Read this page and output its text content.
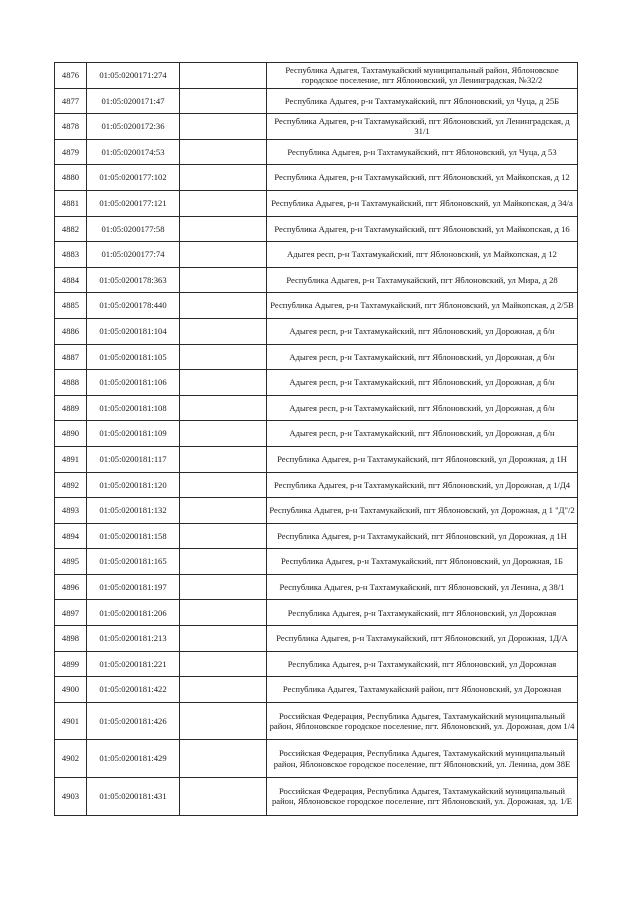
4876	01:05:0200171:274		Республика Адыгея, Тахтамукайский муниципальный район, Яблоновское городское поселение, пгт Яблоновский, ул Ленинградская, №32/2
4877	01:05:0200171:47		Республика Адыгея, р-н Тахтамукайский, пгт Яблоновский, ул Чуца, д 25Б
4878	01:05:0200172:36		Республика Адыгея, р-н Тахтамукайский, пгт Яблоновский, ул Ленинградская, д 31/1
4879	01:05:0200174:53		Республика Адыгея, р-н Тахтамукайский, пгт Яблоновский, ул Чуца, д 53
4880	01:05:0200177:102		Республика Адыгея, р-н Тахтамукайский, пгт Яблоновский, ул Майкопская, д 12
4881	01:05:0200177:121		Республика Адыгея, р-н Тахтамукайский, пгт Яблоновский, ул Майкопская, д 34/а
4882	01:05:0200177:58		Республика Адыгея, р-н Тахтамукайский, пгт Яблоновский, ул Майкопская, д 16
4883	01:05:0200177:74		Адыгея респ, р-н Тахтамукайский, пгт Яблоновский, ул Майкопская, д 12
4884	01:05:0200178:363		Республика Адыгея, р-н Тахтамукайский, пгт Яблоновский, ул Мира, д 28
4885	01:05:0200178:440		Республика Адыгея, р-н Тахтамукайский, пгт Яблоновский, ул Майкопская, д 2/5В
4886	01:05:0200181:104		Адыгея респ, р-н Тахтамукайский, пгт Яблоновский, ул Дорожная, д б/н
4887	01:05:0200181:105		Адыгея респ, р-н Тахтамукайский, пгт Яблоновский, ул Дорожная, д б/н
4888	01:05:0200181:106		Адыгея респ, р-н Тахтамукайский, пгт Яблоновский, ул Дорожная, д б/н
4889	01:05:0200181:108		Адыгея респ, р-н Тахтамукайский, пгт Яблоновский, ул Дорожная, д б/н
4890	01:05:0200181:109		Адыгея респ, р-н Тахтамукайский, пгт Яблоновский, ул Дорожная, д б/н
4891	01:05:0200181:117		Республика Адыгея, р-н Тахтамукайский, пгт Яблоновский, ул Дорожная, д 1Н
4892	01:05:0200181:120		Республика Адыгея, р-н Тахтамукайский, пгт Яблоновский, ул Дорожная, д 1/Д4
4893	01:05:0200181:132		Республика Адыгея, р-н Тахтамукайский, пгт Яблоновский, ул Дорожная, д 1 "Д"/2
4894	01:05:0200181:158		Республика Адыгея, р-н Тахтамукайский, пгт Яблоновский, ул Дорожная, д 1Н
4895	01:05:0200181:165		Республика Адыгея, р-н Тахтамукайский, пгт Яблоновский, ул Дорожная, 1Б
4896	01:05:0200181:197		Республика Адыгея, р-н Тахтамукайский, пгт Яблоновский, ул Ленина, д 38/1
4897	01:05:0200181:206		Республика Адыгея, р-н Тахтамукайский, пгт Яблоновский, ул Дорожная
4898	01:05:0200181:213		Республика Адыгея, р-н Тахтамукайский, пгт Яблоновский, ул Дорожная, 1Д/А
4899	01:05:0200181:221		Республика Адыгея, р-н Тахтамукайский, пгт Яблоновский, ул Дорожная
4900	01:05:0200181:422		Республика Адыгея, Тахтамукайский район, пгт Яблоновский, ул Дорожная
4901	01:05:0200181:426		Российская Федерация, Республика Адыгея, Тахтамукайский муниципальный район, Яблоновское городское поселение, пгт. Яблоновский, ул. Дорожная, дом 1/4
4902	01:05:0200181:429		Российская Федерация, Республика Адыгея, Тахтамукайский муниципальный район, Яблоновское городское поселение, пгт Яблоновский, ул. Ленина, дом 38Е
4903	01:05:0200181:431		Российская Федерация, Республика Адыгея, Тахтамукайский муниципальный район, Яблоновское городское поселение, пгт Яблоновский, ул. Дорожная, зд. 1/Е
